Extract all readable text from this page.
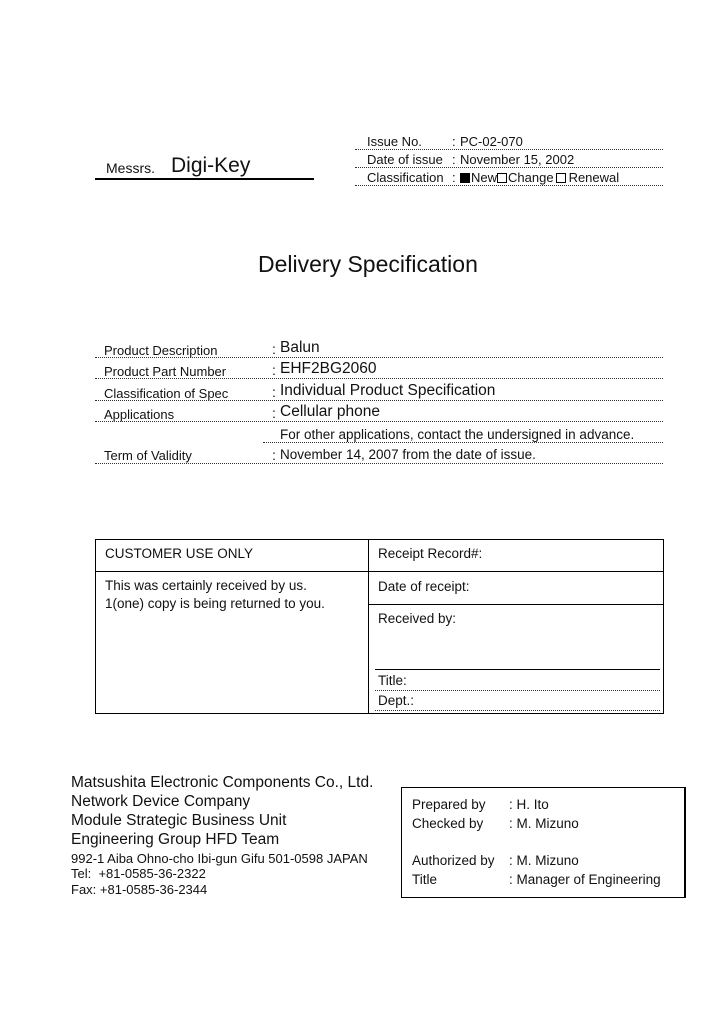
Messrs. Digi-Key
Issue No. : PC-02-070
Date of issue : November 15, 2002
Classification :	New Change Renewal
Delivery Specification
Product Description	: Balun
Product Part Number	: EHF2BG2060
Classification of Spec	: Individual Product Specification
Applications	: Cellular phone
For other applications, contact the undersigned in advance.
Term of Validity	: November 14, 2007 from the date of issue.
CUSTOMER USE ONLY	Receipt Record#:
This was certainly received by us.
1(one) copy is being returned to you.
Date of receipt:
Received by:
Title:
Dept.:
Matsushita Electronic Components Co., Ltd.
Network Device Company
Module Strategic Business Unit
Engineering Group HFD Team
992-1 Aiba Ohno-cho Ibi-gun Gifu 501-0598 JAPAN
Tel:  +81-0585-36-2322
Fax: +81-0585-36-2344
Prepared by : H. Ito
Checked by : M. Mizuno
Authorized by : M. Mizuno
Title	: Manager of Engineering
